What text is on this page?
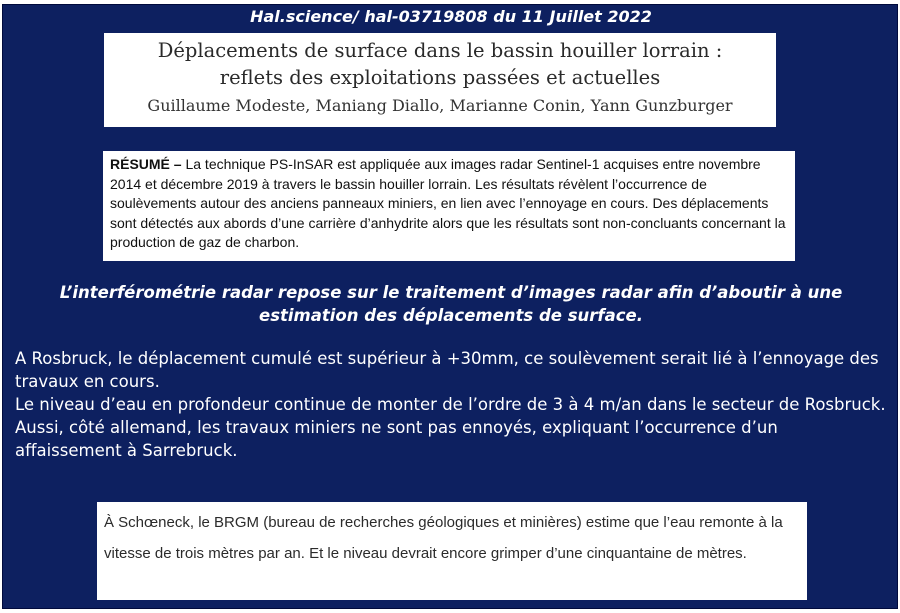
Hal.science/ hal-03719808 du 11 Juillet 2022
Déplacements de surface dans le bassin houiller lorrain :
reflets des exploitations passées et actuelles
Guillaume Modeste, Maniang Diallo, Marianne Conin, Yann Gunzburger
RÉSUMÉ – La technique PS-InSAR est appliquée aux images radar Sentinel-1 acquises entre novembre 2014 et décembre 2019 à travers le bassin houiller lorrain. Les résultats révèlent l’occurrence de soulèvements autour des anciens panneaux miniers, en lien avec l’ennoyage en cours. Des déplacements sont détectés aux abords d’une carrière d’anhydrite alors que les résultats sont non-concluants concernant la production de gaz de charbon.
L’interférométrie radar repose sur le traitement d’images radar afin d’aboutir à une estimation des déplacements de surface.

A Rosbruck, le déplacement cumulé est supérieur à +30mm, ce soulèvement serait lié à l’ennoyage des travaux en cours.

Le niveau d’eau en profondeur continue de monter de l’ordre de 3 à 4 m/an dans le secteur de Rosbruck.

Aussi, côté allemand, les travaux miniers ne sont pas ennoyés, expliquant l’occurrence d’un affaissement à Sarrebruck.

À Schœneck, le BRGM (bureau de recherches géologiques et minières) estime que l’eau remonte à la vitesse de trois mètres par an. Et le niveau devrait encore grimper d’une cinquantaine de mètres.
